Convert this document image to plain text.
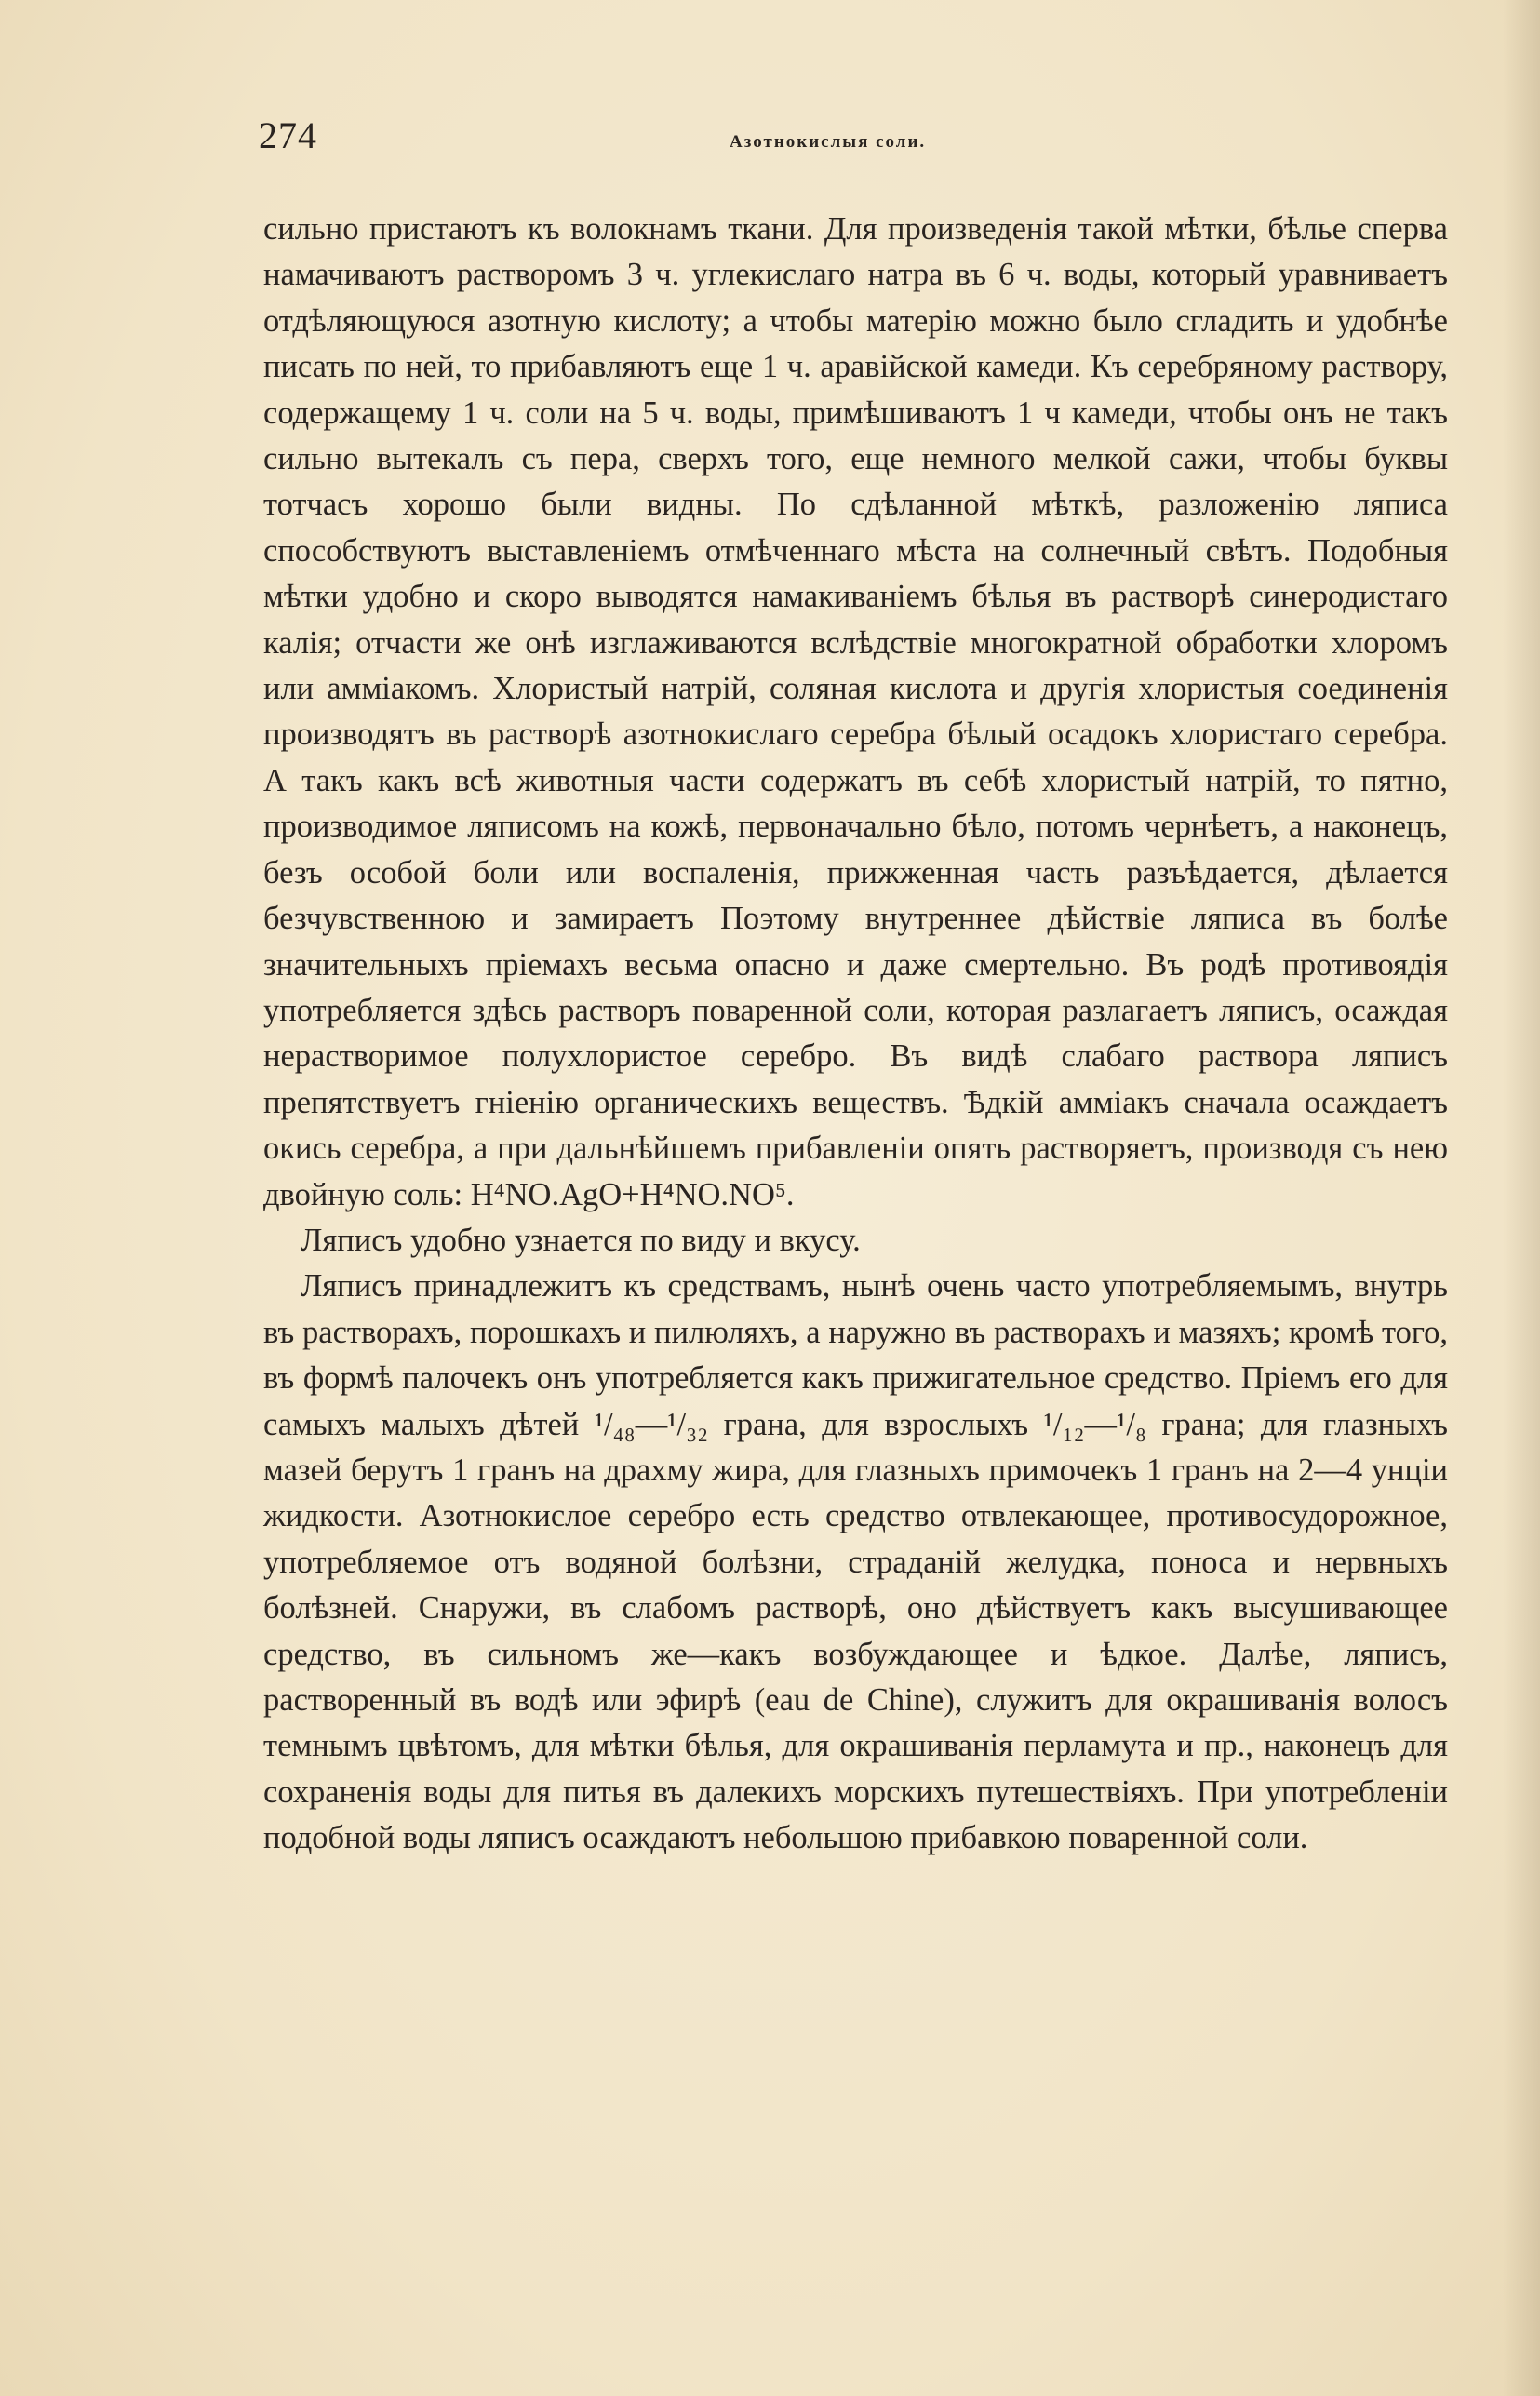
274	Азотнокислыя соли.

сильно пристаютъ къ волокнамъ ткани. Для произведенія такой мѣтки, бѣлье сперва намачиваютъ растворомъ 3 ч. углекислаго натра въ 6 ч. воды, который уравниваетъ отдѣляющуюся азотную кислоту; а чтобы матерію можно было сгладить и удобнѣе писать по ней, то прибавляютъ еще 1 ч. аравійской камеди. Къ серебряному раствору, содержащему 1 ч. соли на 5 ч. воды, примѣшиваютъ 1 ч камеди, чтобы онъ не такъ сильно вытекалъ съ пера, сверхъ того, еще немного мелкой сажи, чтобы буквы тотчасъ хорошо были видны. По сдѣланной мѣткѣ, разложенію ляписа способствуютъ выставленіемъ отмѣченнаго мѣста на солнечный свѣтъ. Подобныя мѣтки удобно и скоро выводятся намакиваніемъ бѣлья въ растворѣ синеродистаго калія; отчасти же онѣ изглаживаются вслѣдствіе многократной обработки хлоромъ или амміакомъ. Хлористый натрій, соляная кислота и другія хлористыя соединенія производятъ въ растворѣ азотнокислаго серебра бѣлый осадокъ хлористаго серебра. А такъ какъ всѣ животныя части содержатъ въ себѣ хлористый натрій, то пятно, производимое ляписомъ на кожѣ, первоначально бѣло, потомъ чернѣетъ, а наконецъ, безъ особой боли или воспаленія, прижженная часть разъѣдается, дѣлается безчувственною и замираетъ Поэтому внутреннее дѣйствіе ляписа въ болѣе значительныхъ пріемахъ весьма опасно и даже смертельно. Въ родѣ противоядія употребляется здѣсь растворъ поваренной соли, которая разлагаетъ ляписъ, осаждая нерастворимое полухлористое серебро. Въ видѣ слабаго раствора ляписъ препятствуетъ гніенію органическихъ веществъ. Ѣдкій амміакъ сначала осаждаетъ окись серебра, а при дальнѣйшемъ прибавленіи опять растворяетъ, производя съ нею двойную соль: H⁴NO.AgO+H⁴NO.NO⁵.

Ляписъ удобно узнается по виду и вкусу.

Ляписъ принадлежитъ къ средствамъ, нынѣ очень часто употребляемымъ, внутрь въ растворахъ, порошкахъ и пилюляхъ, а наружно въ растворахъ и мазяхъ; кромѣ того, въ формѣ палочекъ онъ употребляется какъ прижигательное средство. Пріемъ его для самыхъ малыхъ дѣтей ¹/₄₈—¹/₃₂ грана, для взрослыхъ ¹/₁₂—¹/₈ грана; для глазныхъ мазей берутъ 1 гранъ на драхму жира, для глазныхъ примочекъ 1 гранъ на 2—4 унціи жидкости. Азотнокислое серебро есть средство отвлекающее, противосудорожное, употребляемое отъ водяной болѣзни, страданій желудка, поноса и нервныхъ болѣзней. Снаружи, въ слабомъ растворѣ, оно дѣйствуетъ какъ высушивающее средство, въ сильномъ же—какъ возбуждающее и ѣдкое. Далѣе, ляписъ, растворенный въ водѣ или эфирѣ (eau de Chine), служитъ для окрашиванія волосъ темнымъ цвѣтомъ, для мѣтки бѣлья, для окрашиванія перламута и пр., наконецъ для сохраненія воды для питья въ далекихъ морскихъ путешествіяхъ. При употребленіи подобной воды ляписъ осаждаютъ небольшою прибавкою поваренной соли.
